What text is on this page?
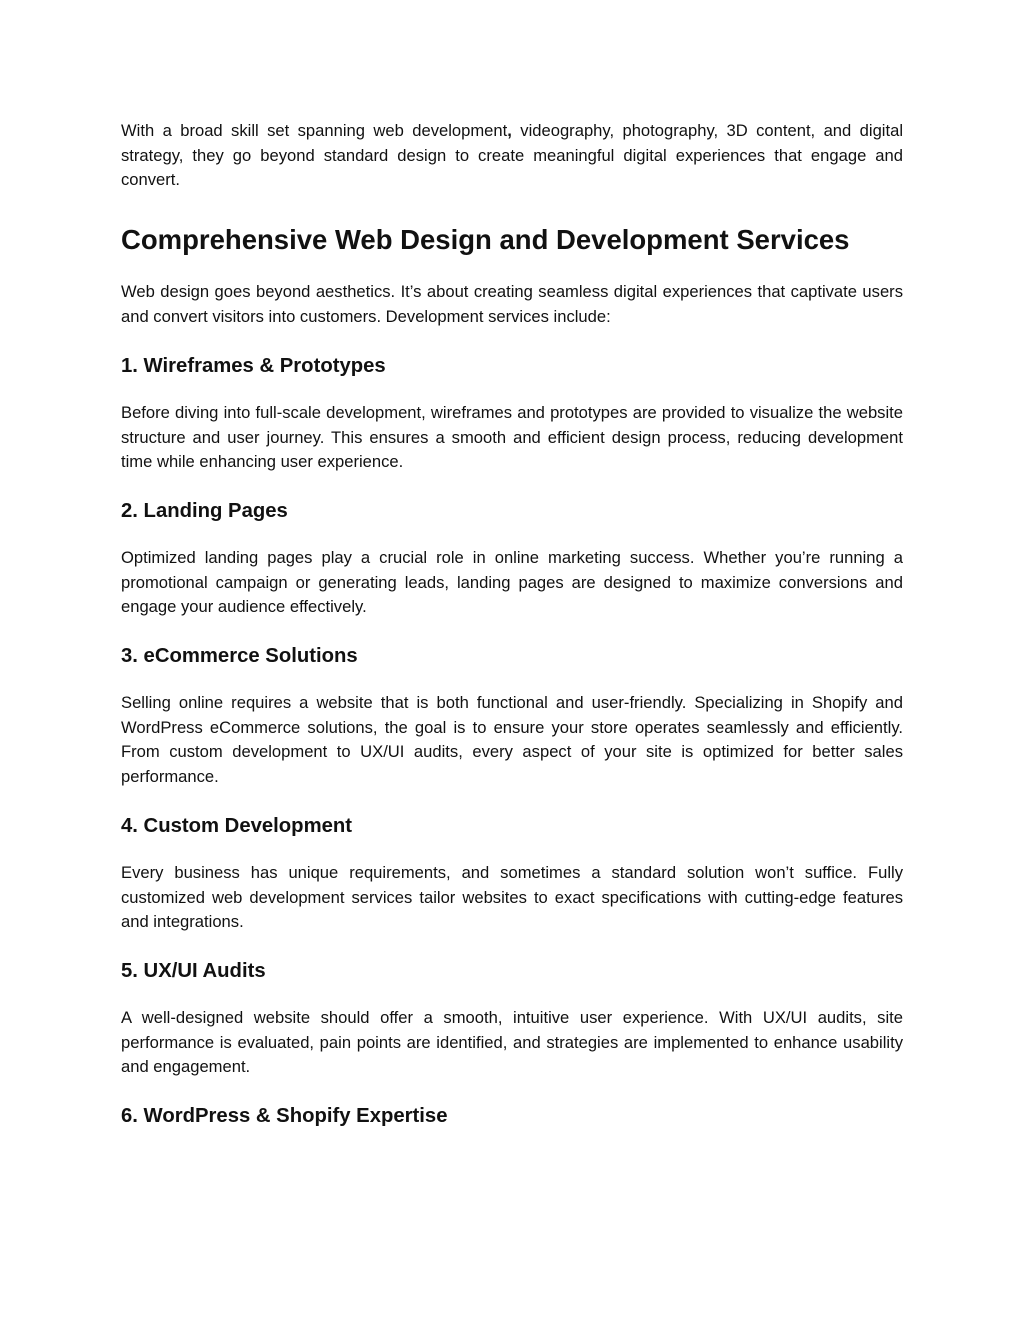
With a broad skill set spanning web development, videography, photography, 3D content, and digital strategy, they go beyond standard design to create meaningful digital experiences that engage and convert.

Comprehensive Web Design and Development Services

Web design goes beyond aesthetics. It’s about creating seamless digital experiences that captivate users and convert visitors into customers. Development services include:

1. Wireframes & Prototypes

Before diving into full-scale development, wireframes and prototypes are provided to visualize the website structure and user journey. This ensures a smooth and efficient design process, reducing development time while enhancing user experience.

2. Landing Pages

Optimized landing pages play a crucial role in online marketing success. Whether you’re running a promotional campaign or generating leads, landing pages are designed to maximize conversions and engage your audience effectively.

3. eCommerce Solutions

Selling online requires a website that is both functional and user-friendly. Specializing in Shopify and WordPress eCommerce solutions, the goal is to ensure your store operates seamlessly and efficiently. From custom development to UX/UI audits, every aspect of your site is optimized for better sales performance.

4. Custom Development

Every business has unique requirements, and sometimes a standard solution won’t suffice. Fully customized web development services tailor websites to exact specifications with cutting-edge features and integrations.

5. UX/UI Audits

A well-designed website should offer a smooth, intuitive user experience. With UX/UI audits, site performance is evaluated, pain points are identified, and strategies are implemented to enhance usability and engagement.

6. WordPress & Shopify Expertise
